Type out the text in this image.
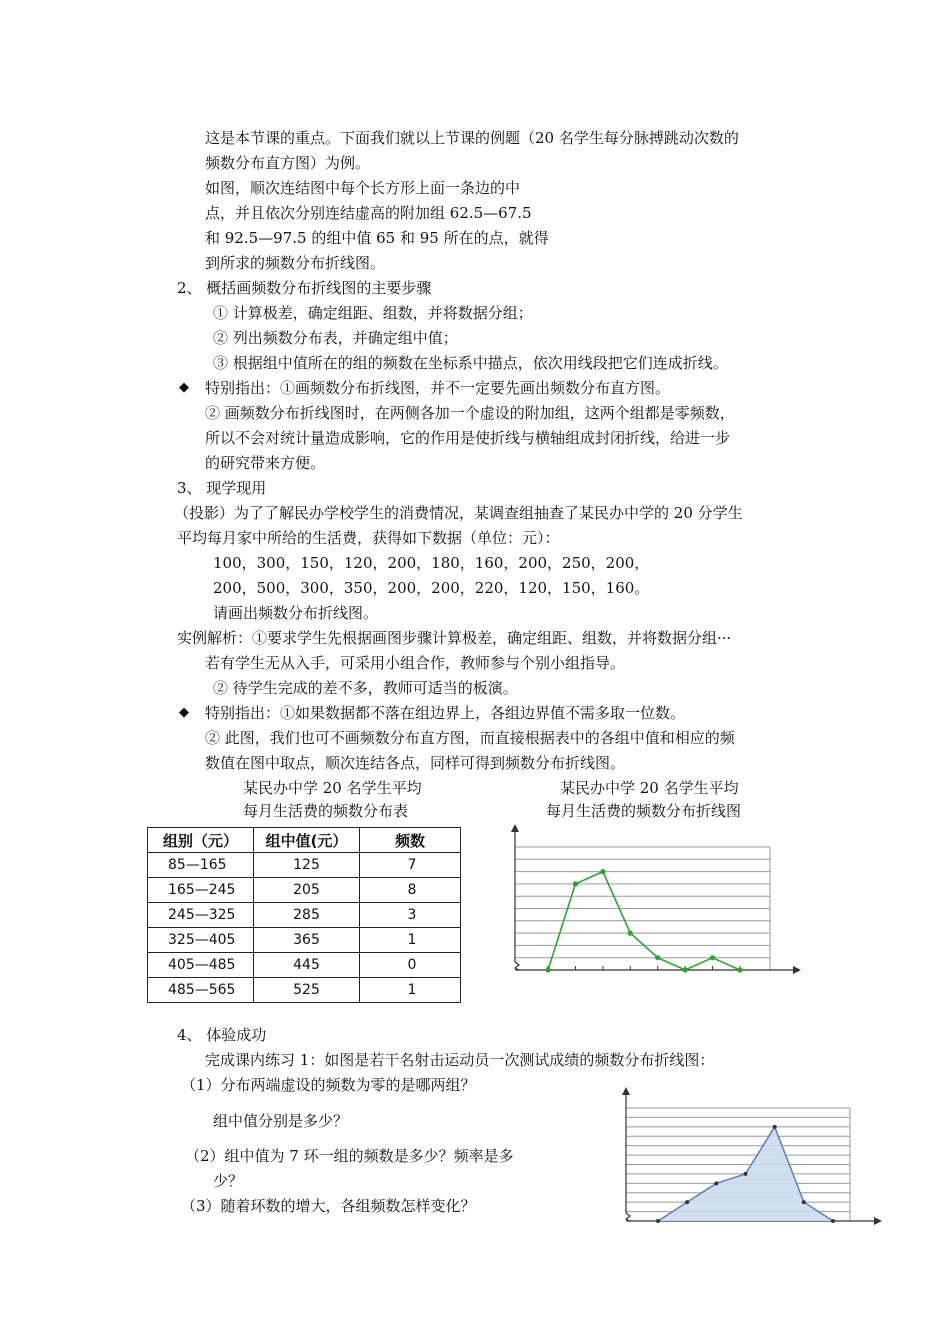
这是本节课的重点。下面我们就以上节课的例题（20 名学生每分脉搏跳动次数的
频数分布直方图）为例。
如图，顺次连结图中每个长方形上面一条边的中
点，并且依次分别连结虚高的附加组 62.5—67.5
和 92.5—97.5 的组中值 65 和 95 所在的点，就得
到所求的频数分布折线图。
2、 概括画频数分布折线图的主要步骤
① 计算极差，确定组距、组数，并将数据分组；
② 列出频数分布表，并确定组中值；
③ 根据组中值所在的组的频数在坐标系中描点，依次用线段把它们连成折线。
◆ 特别指出：①画频数分布折线图，并不一定要先画出频数分布直方图。
② 画频数分布折线图时，在两侧各加一个虚设的附加组，这两个组都是零频数，
所以不会对统计量造成影响，它的作用是使折线与横轴组成封闭折线，给进一步
的研究带来方便。
3、 现学现用
（投影）为了了解民办学校学生的消费情况，某调查组抽查了某民办中学的 20 分学生
平均每月家中所给的生活费，获得如下数据（单位：元）：
100，300，150，120，200，180，160，200，250，200，
200，500，300，350，200，200，220，120，150，160。
请画出频数分布折线图。
实例解析：①要求学生先根据画图步骤计算极差，确定组距、组数，并将数据分组···
若有学生无从入手，可采用小组合作，教师参与个别小组指导。
② 待学生完成的差不多，教师可适当的板演。
◆ 特别指出：①如果数据都不落在组边界上，各组边界值不需多取一位数。
② 此图，我们也可不画频数分布直方图，而直接根据表中的各组中值和相应的频
数值在图中取点，顺次连结各点，同样可得到频数分布折线图。
某民办中学 20 名学生平均
每月生活费的频数分布表
某民办中学 20 名学生平均
每月生活费的频数分布折线图
组别（元）	组中值(元）	频数
85—165	125	7
165—245	205	8
245—325	285	3
325—405	365	1
405—485	445	0
485—565	525	1
4、 体验成功
完成课内练习 1：如图是若干名射击运动员一次测试成绩的频数分布折线图：
（1）分布两端虚设的频数为零的是哪两组？
组中值分别是多少？
（2）组中值为 7 环一组的频数是多少？频率是多
少？
（3）随着环数的增大，各组频数怎样变化？
